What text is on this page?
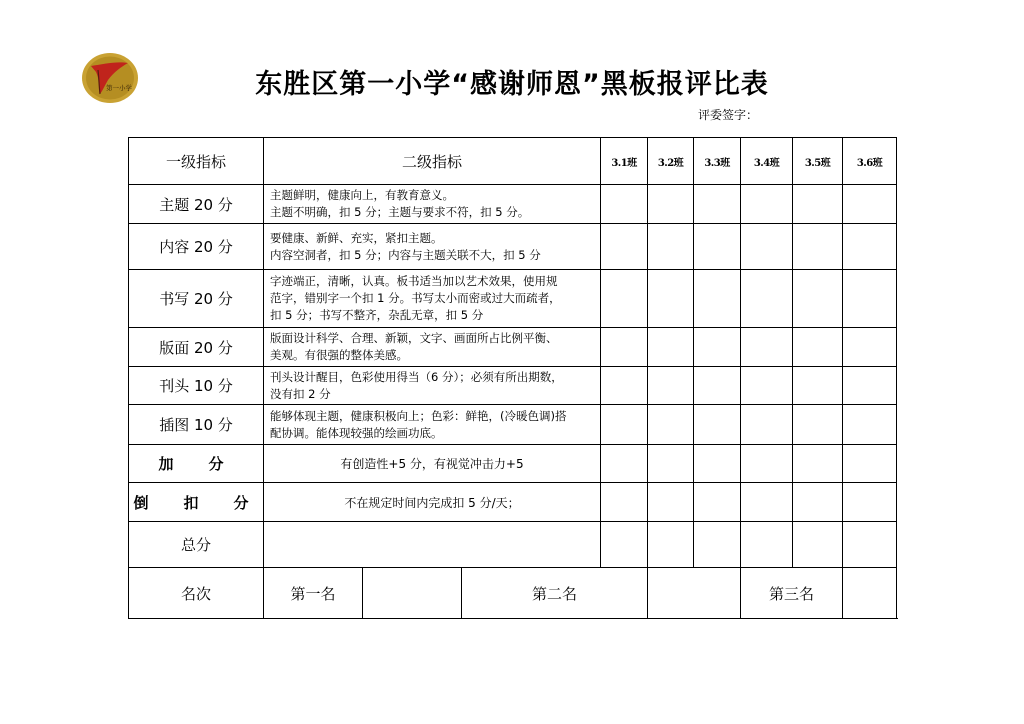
第一小学	东胜区第一小学“感谢师恩”黑板报评比表
评委签字：
一级指标	二级指标			3.1班	3.2班	3.3班	3.4班	3.5班	3.6班
主题 20 分	主题鲜明，健康向上，有教育意义。
主题不明确，扣 5 分；主题与要求不符，扣 5 分。								

内容 20 分	要健康、新鲜、充实，紧扣主题。
内容空洞者，扣 5 分；内容与主题关联不大，扣 5 分								

书写 20 分	字迹端正，清晰，认真。板书适当加以艺术效果，使用规
范字，错别字一个扣 1 分。书写太小而密或过大而疏者，
扣 5 分；书写不整齐，杂乱无章，扣 5 分								

版面 20 分	版面设计科学、合理、新颖，文字、画面所占比例平衡、
美观。有很强的整体美感。								

刊头 10 分	刊头设计醒目，色彩使用得当（6 分）；必须有所出期数，
没有扣 2 分								

插图 10 分	能够体现主题，健康积极向上；色彩：鲜艳，(冷暖色调)搭
配协调。能体现较强的绘画功底。								

加　分	有创造性+5 分，有视觉冲击力+5								
倒　扣　分	不在规定时间内完成扣 5 分/天；								
总分									
名次	第一名		第二名				第三名		
